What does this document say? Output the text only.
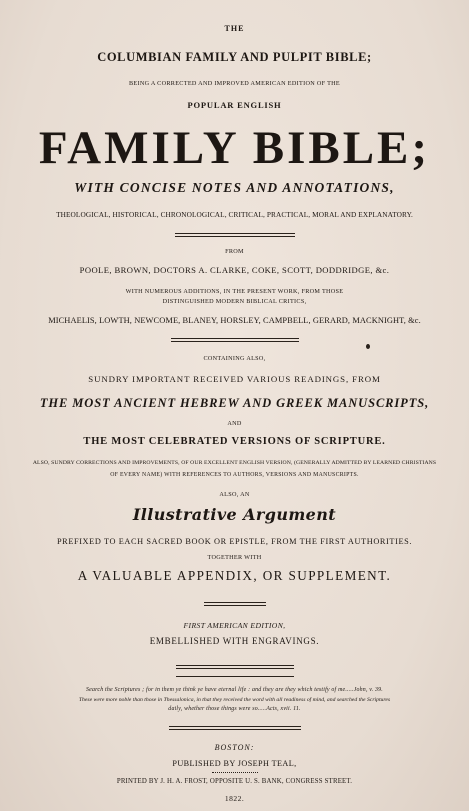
THE
COLUMBIAN FAMILY AND PULPIT BIBLE;
BEING A CORRECTED AND IMPROVED AMERICAN EDITION OF THE
POPULAR ENGLISH
FAMILY BIBLE;
WITH CONCISE NOTES AND ANNOTATIONS,
THEOLOGICAL, HISTORICAL, CHRONOLOGICAL, CRITICAL, PRACTICAL, MORAL AND EXPLANATORY.
FROM
POOLE, BROWN, DOCTORS A. CLARKE, COKE, SCOTT, DODDRIDGE, &c.
WITH NUMEROUS ADDITIONS, IN THE PRESENT WORK, FROM THOSE
DISTINGUISHED MODERN BIBLICAL CRITICS,
MICHAELIS, LOWTH, NEWCOME, BLANEY, HORSLEY, CAMPBELL, GERARD, MACKNIGHT, &c.
CONTAINING ALSO,
SUNDRY IMPORTANT RECEIVED VARIOUS READINGS, FROM
THE MOST ANCIENT HEBREW AND GREEK MANUSCRIPTS,
AND
THE MOST CELEBRATED VERSIONS OF SCRIPTURE.
ALSO, SUNDRY CORRECTIONS AND IMPROVEMENTS, OF OUR EXCELLENT ENGLISH VERSION, (GENERALLY ADMITTED BY LEARNED CHRISTIANS
OF EVERY NAME) WITH REFERENCES TO AUTHORS, VERSIONS AND MANUSCRIPTS.
ALSO, AN
Illustrative Argument
PREFIXED TO EACH SACRED BOOK OR EPISTLE, FROM THE FIRST AUTHORITIES.
TOGETHER WITH
A VALUABLE APPENDIX, OR SUPPLEMENT.
FIRST AMERICAN EDITION,
EMBELLISHED WITH ENGRAVINGS.
Search the Scriptures ; for in them ye think ye have eternal life : and they are they which testify of me.....John, v. 39.
These were more noble than those in Thessalonica, in that they received the word with all readiness of mind, and searched the Scriptures
daily, whether those things were so.....Acts, xvii. 11.
BOSTON:
PUBLISHED BY JOSEPH TEAL,
PRINTED BY J. H. A. FROST, OPPOSITE U. S. BANK, CONGRESS STREET.
1822.
